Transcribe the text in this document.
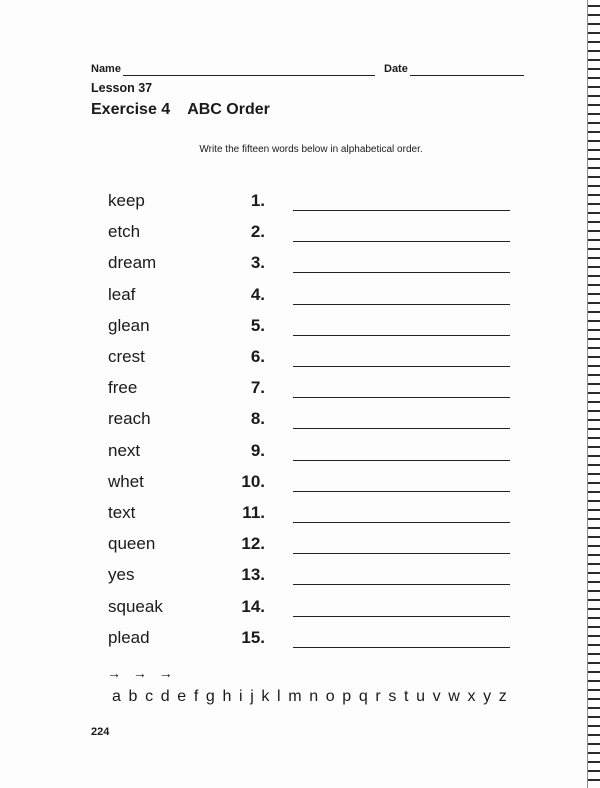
Name	Date
Lesson 37
Exercise 4 ABC Order
Write the fifteen words below in alphabetical order.
keep	1.
etch	2.
dream	3.
leaf	4.
glean	5.
crest	6.
free	7.
reach	8.
next	9.
whet	10.
text	11.
queen	12.
yes	13.
squeak	14.
plead	15.
→ → →
a b c d e f g h i j k l m n o p q r s t u v w x y z
224
